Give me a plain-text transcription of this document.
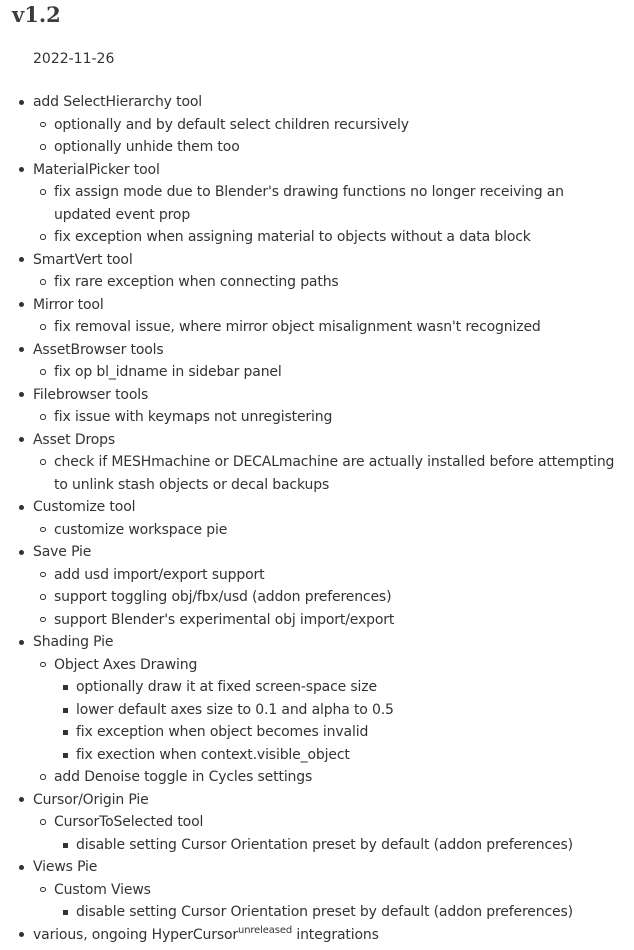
v1.2
2022-11-26
add SelectHierarchy tool
optionally and by default select children recursively
optionally unhide them too
MaterialPicker tool
fix assign mode due to Blender's drawing functions no longer receiving an updated event prop
fix exception when assigning material to objects without a data block
SmartVert tool
fix rare exception when connecting paths
Mirror tool
fix removal issue, where mirror object misalignment wasn't recognized
AssetBrowser tools
fix op bl_idname in sidebar panel
Filebrowser tools
fix issue with keymaps not unregistering
Asset Drops
check if MESHmachine or DECALmachine are actually installed before attempting to unlink stash objects or decal backups
Customize tool
customize workspace pie
Save Pie
add usd import/export support
support toggling obj/fbx/usd (addon preferences)
support Blender's experimental obj import/export
Shading Pie
Object Axes Drawing
optionally draw it at fixed screen-space size
lower default axes size to 0.1 and alpha to 0.5
fix exception when object becomes invalid
fix exection when context.visible_object
add Denoise toggle in Cycles settings
Cursor/Origin Pie
CursorToSelected tool
disable setting Cursor Orientation preset by default (addon preferences)
Views Pie
Custom Views
disable setting Cursor Orientation preset by default (addon preferences)
various, ongoing HyperCursor$^{unreleased}$ integrations
